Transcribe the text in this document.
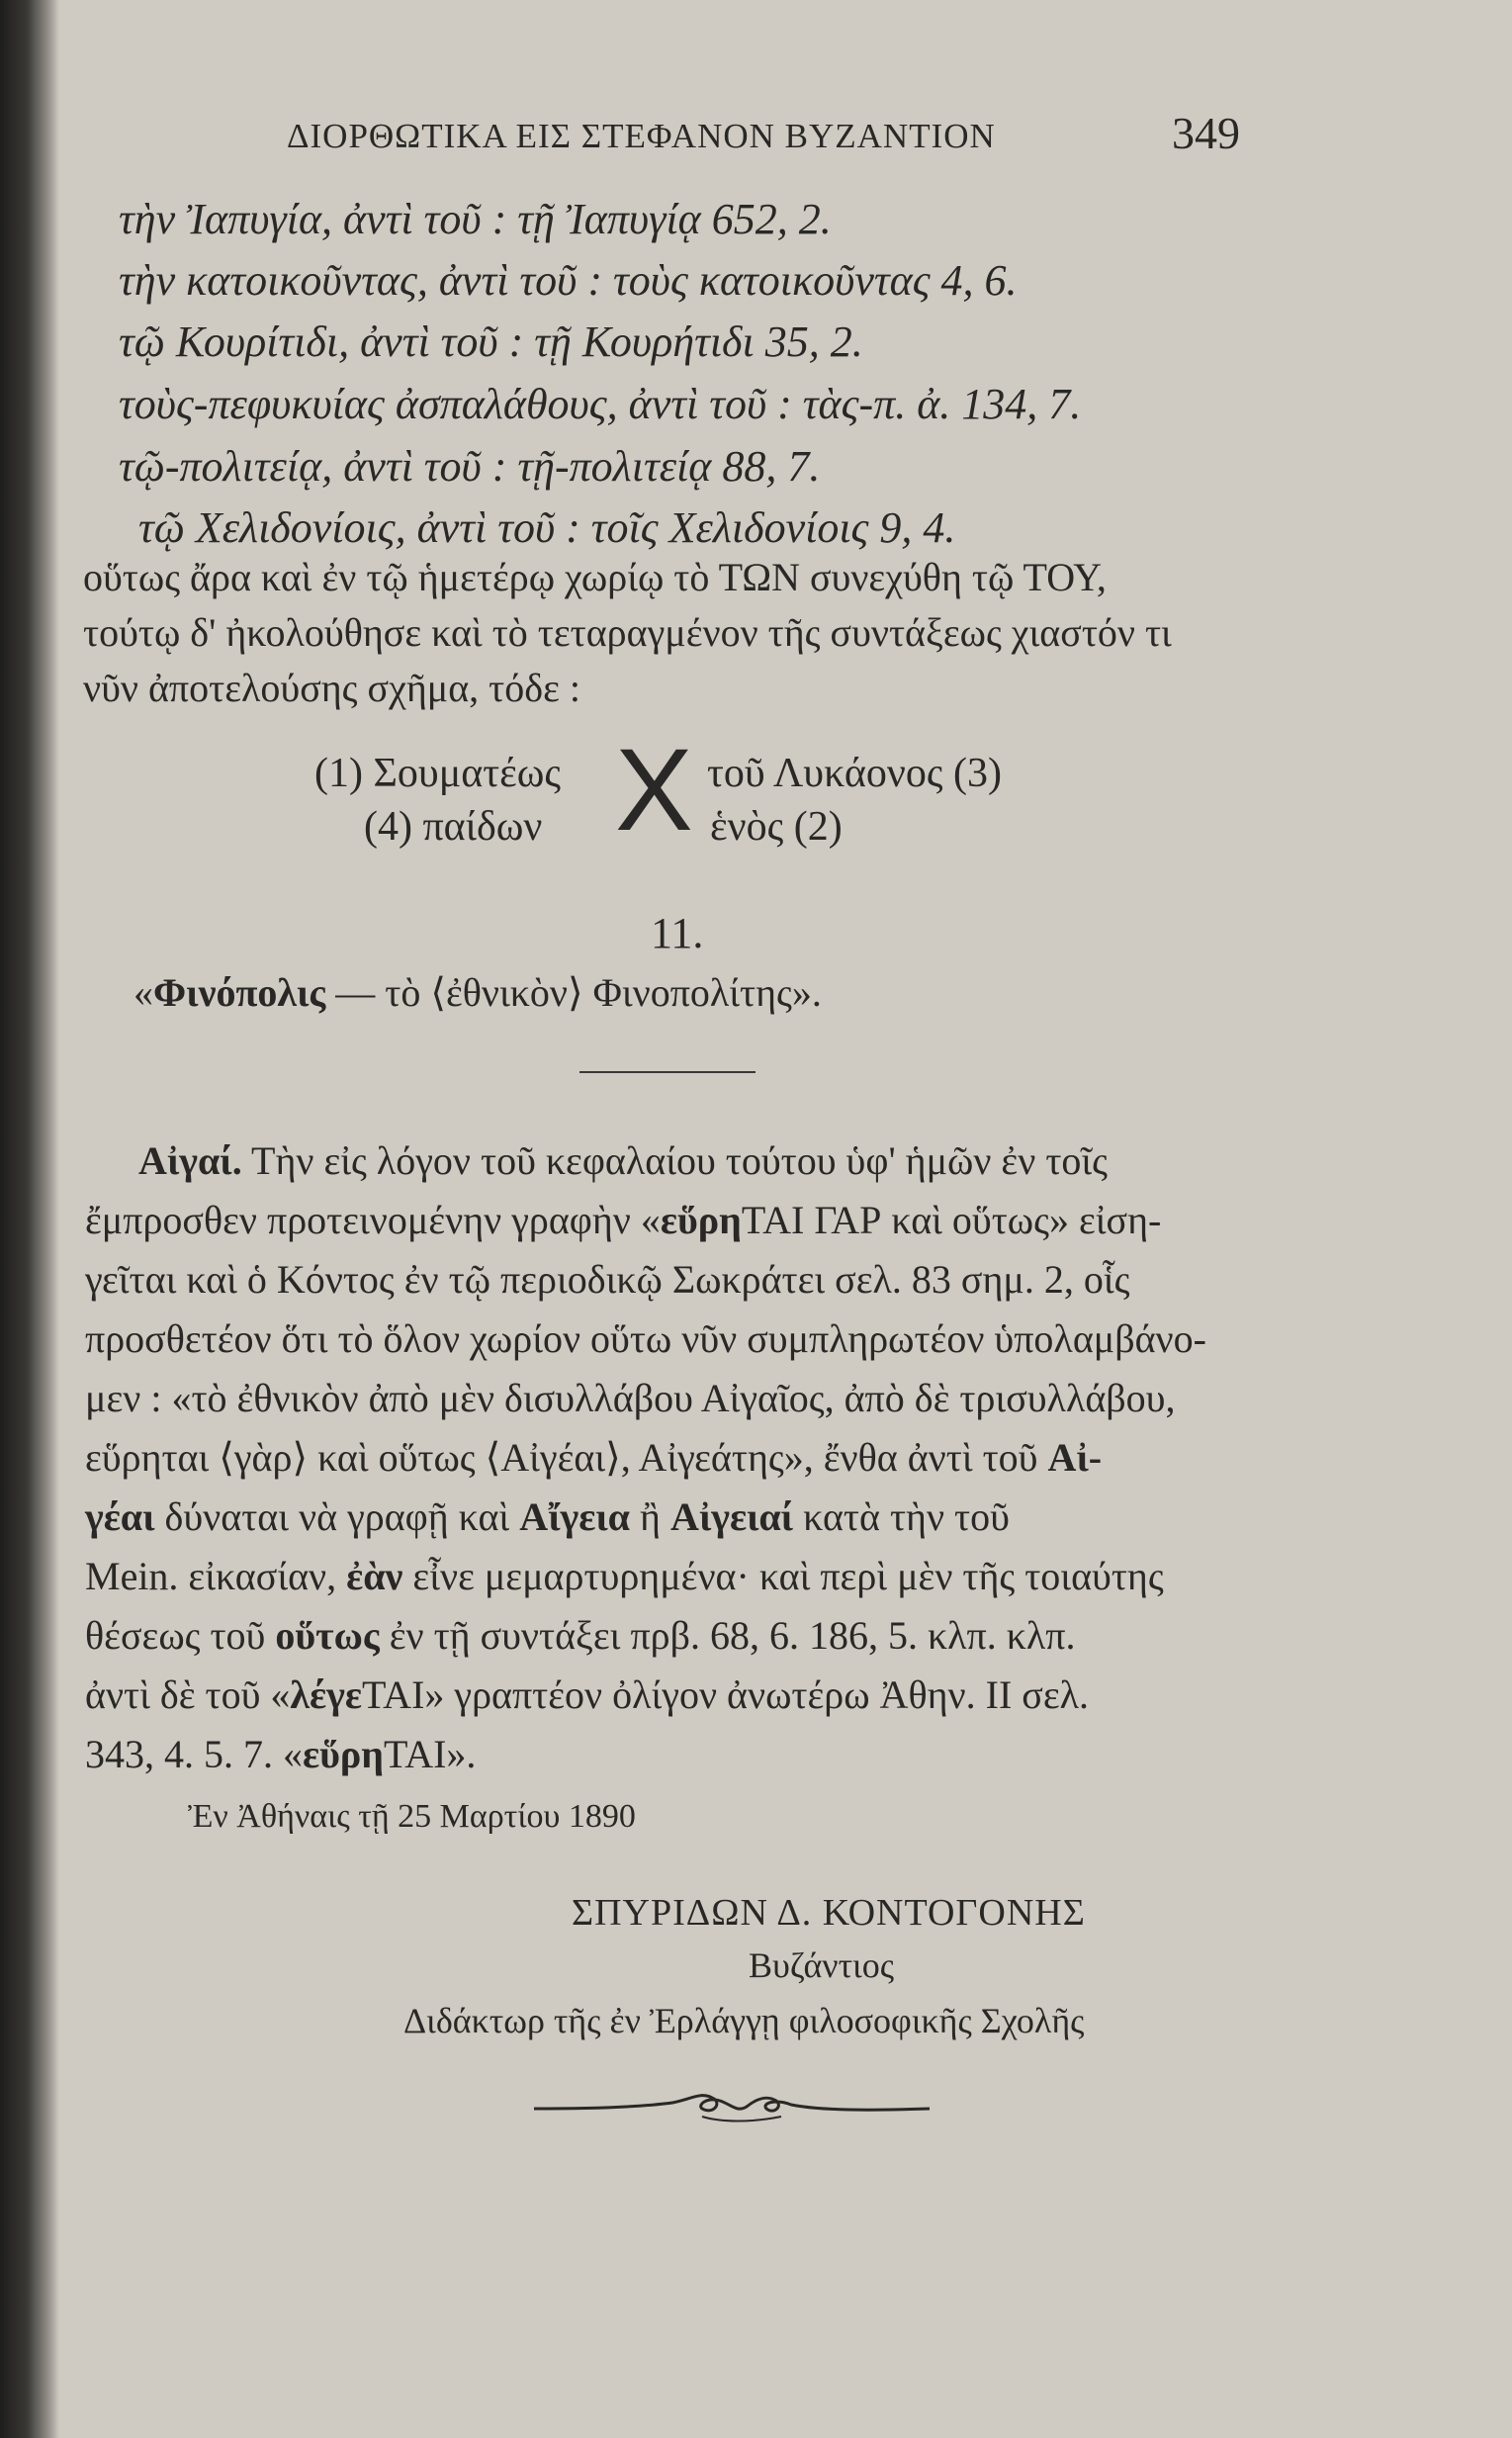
ΔΙΟΡΘΩΤΙΚΑ ΕΙΣ ΣΤΕΦΑΝΟΝ ΒΥΖΑΝΤΙΟΝ	349
τὴν Ἰαπυγία, ἀντὶ τοῦ : τῇ Ἰαπυγίᾳ 652, 2.
τὴν κατοικοῦντας, ἀντὶ τοῦ : τοὺς κατοικοῦντας 4, 6.
τῷ Κουρίτιδι, ἀντὶ τοῦ : τῇ Κουρήτιδι 35, 2.
τοὺς-πεφυκυίας ἀσπαλάθους, ἀντὶ τοῦ : τὰς-π. ἀ. 134, 7.
τῷ-πολιτείᾳ, ἀντὶ τοῦ : τῇ-πολιτείᾳ 88, 7.
τῷ Χελιδονίοις, ἀντὶ τοῦ : τοῖς Χελιδονίοις 9, 4.
οὕτως ἄρα καὶ ἐν τῷ ἡμετέρῳ χωρίῳ τὸ ΤΩΝ συνεχύθη τῷ ΤΟΥ,
τούτῳ δ' ἠκολούθησε καὶ τὸ τεταραγμένον τῆς συντάξεως χιαστόν τι
νῦν ἀποτελούσης σχῆμα, τόδε :
(1) Σουματέως
(4) παίδων X τοῦ Λυκάονος (3)
ἑνὸς (2)
11.
«Φινόπολις — τὸ ⟨ἐθνικὸν⟩ Φινοπολίτης».
Αἰγαί. Τὴν εἰς λόγον τοῦ κεφαλαίου τούτου ὑφ' ἡμῶν ἐν τοῖς
ἔμπροσθεν προτεινομένην γραφὴν «εὕρηΤΑΙ ΓΑΡ καὶ οὕτως» εἰση-
γεῖται καὶ ὁ Κόντος ἐν τῷ περιοδικῷ Σωκράτει σελ. 83 σημ. 2, οἷς
προσθετέον ὅτι τὸ ὅλον χωρίον οὕτω νῦν συμπληρωτέον ὑπολαμβάνο-
μεν : «τὸ ἐθνικὸν ἀπὸ μὲν δισυλλάβου Αἰγαῖος, ἀπὸ δὲ τρισυλλάβου,
εὕρηται ⟨γὰρ⟩ καὶ οὕτως ⟨Αἰγέαι⟩, Αἰγεάτης», ἔνθα ἀντὶ τοῦ Αἰ-
γέαι δύναται νὰ γραφῇ καὶ Αἴγεια ἢ Αἰγειαί κατὰ τὴν τοῦ
Mein. εἰκασίαν, ἐὰν εἶνε μεμαρτυρημένα· καὶ περὶ μὲν τῆς τοιαύτης
θέσεως τοῦ οὕτως ἐν τῇ συντάξει πρβ. 68, 6. 186, 5. κλπ. κλπ.
ἀντὶ δὲ τοῦ «λέγεΤΑΙ» γραπτέον ὀλίγον ἀνωτέρω Ἀθην. II σελ.
343, 4. 5. 7. «εὕρηΤΑΙ».
Ἐν Ἀθήναις τῇ 25 Μαρτίου 1890
ΣΠΥΡΙΔΩΝ Δ. ΚΟΝΤΟΓΟΝΗΣ
Βυζάντιος
Διδάκτωρ τῆς ἐν Ἐρλάγγῃ φιλοσοφικῆς Σχολῆς
